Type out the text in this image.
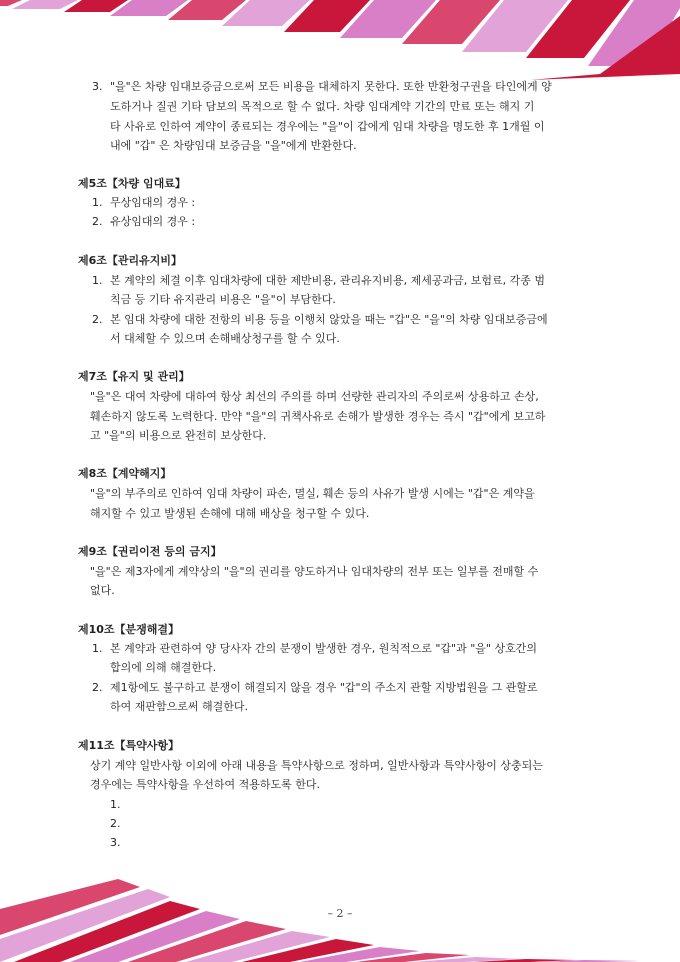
3. "을"은 차량 임대보증금으로써 모든 비용을 대체하지 못한다. 또한 반환청구권을 타인에게 양
도하거나 질권 기타 담보의 목적으로 할 수 없다. 차량 임대계약 기간의 만료 또는 해지 기
타 사유로 인하여 계약이 종료되는 경우에는 "을"이 갑에게 임대 차량을 명도한 후 1개월 이
내에 "갑" 은 차량임대 보증금을 "을"에게 반환한다.
제5조【차량 임대료】
1. 무상임대의 경우 :
2. 유상임대의 경우 :
제6조【관리유지비】
1. 본 계약의 체결 이후 임대차량에 대한 제반비용, 관리유지비용, 제세공과금, 보험료, 각종 범
칙금 등 기타 유지관리 비용은 "을"이 부담한다.
2. 본 임대 차량에 대한 전항의 비용 등을 이행치 않았을 때는 "갑"은 "을"의 차량 임대보증금에
서 대체할 수 있으며 손해배상청구를 할 수 있다.
제7조【유지 및 관리】
"을"은 대여 차량에 대하여 항상 최선의 주의를 하며 선량한 관리자의 주의로써 상용하고 손상,
훼손하지 않도록 노력한다. 만약 "을"의 귀책사유로 손해가 발생한 경우는 즉시 "갑"에게 보고하
고 "을"의 비용으로 완전히 보상한다.
제8조【계약해지】
"을"의 부주의로 인하여 임대 차량이 파손, 멸실, 훼손 등의 사유가 발생 시에는 "갑"은 계약을
해지할 수 있고 발생된 손해에 대해 배상을 청구할 수 있다.
제9조【권리이전 등의 금지】
"을"은 제3자에게 계약상의 "을"의 권리를 양도하거나 임대차량의 전부 또는 일부를 전매할 수
없다.
제10조【분쟁해결】
1. 본 계약과 관련하여 양 당사자 간의 분쟁이 발생한 경우, 원칙적으로 "갑"과 "을" 상호간의
합의에 의해 해결한다.
2. 제1항에도 불구하고 분쟁이 해결되지 않을 경우 "갑"의 주소지 관할 지방법원을 그 관할로
하여 재판함으로써 해결한다.
제11조【특약사항】
상기 계약 일반사항 이외에 아래 내용을 특약사항으로 정하며, 일반사항과 특약사항이 상충되는
경우에는 특약사항을 우선하여 적용하도록 한다.
1.
2.
3.
– 2 –
